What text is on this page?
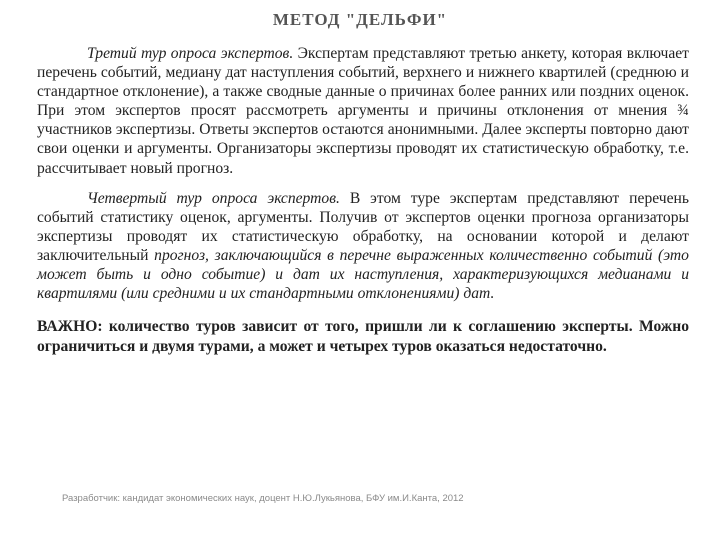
МЕТОД "ДЕЛЬФИ"

Третий тур опроса экспертов. Экспертам представляют третью анкету, которая включает перечень событий, медиану дат наступления событий, верхнего и нижнего квартилей (среднюю и стандартное отклонение), а также сводные данные о причинах более ранних или поздних оценок. При этом экспертов просят рассмотреть аргументы и причины отклонения от мнения ¾ участников экспертизы. Ответы экспертов остаются анонимными. Далее эксперты повторно дают свои оценки и аргументы. Организаторы экспертизы проводят их статистическую обработку, т.е. рассчитывает новый прогноз.

Четвертый тур опроса экспертов. В этом туре экспертам представляют перечень событий статистику оценок, аргументы. Получив от экспертов оценки прогноза организаторы экспертизы проводят их статистическую обработку, на основании которой и делают заключительный прогноз, заключающийся в перечне выраженных количественно событий (это может быть и одно событие) и дат их наступления, характеризующихся медианами и квартилями (или средними и их стандартными отклонениями) дат.

ВАЖНО: количество туров зависит от того, пришли ли к соглашению эксперты. Можно ограничиться и двумя турами, а может и четырех туров оказаться недостаточно.

Разработчик: кандидат экономических наук, доцент Н.Ю.Лукьянова, БФУ им.И.Канта, 2012
